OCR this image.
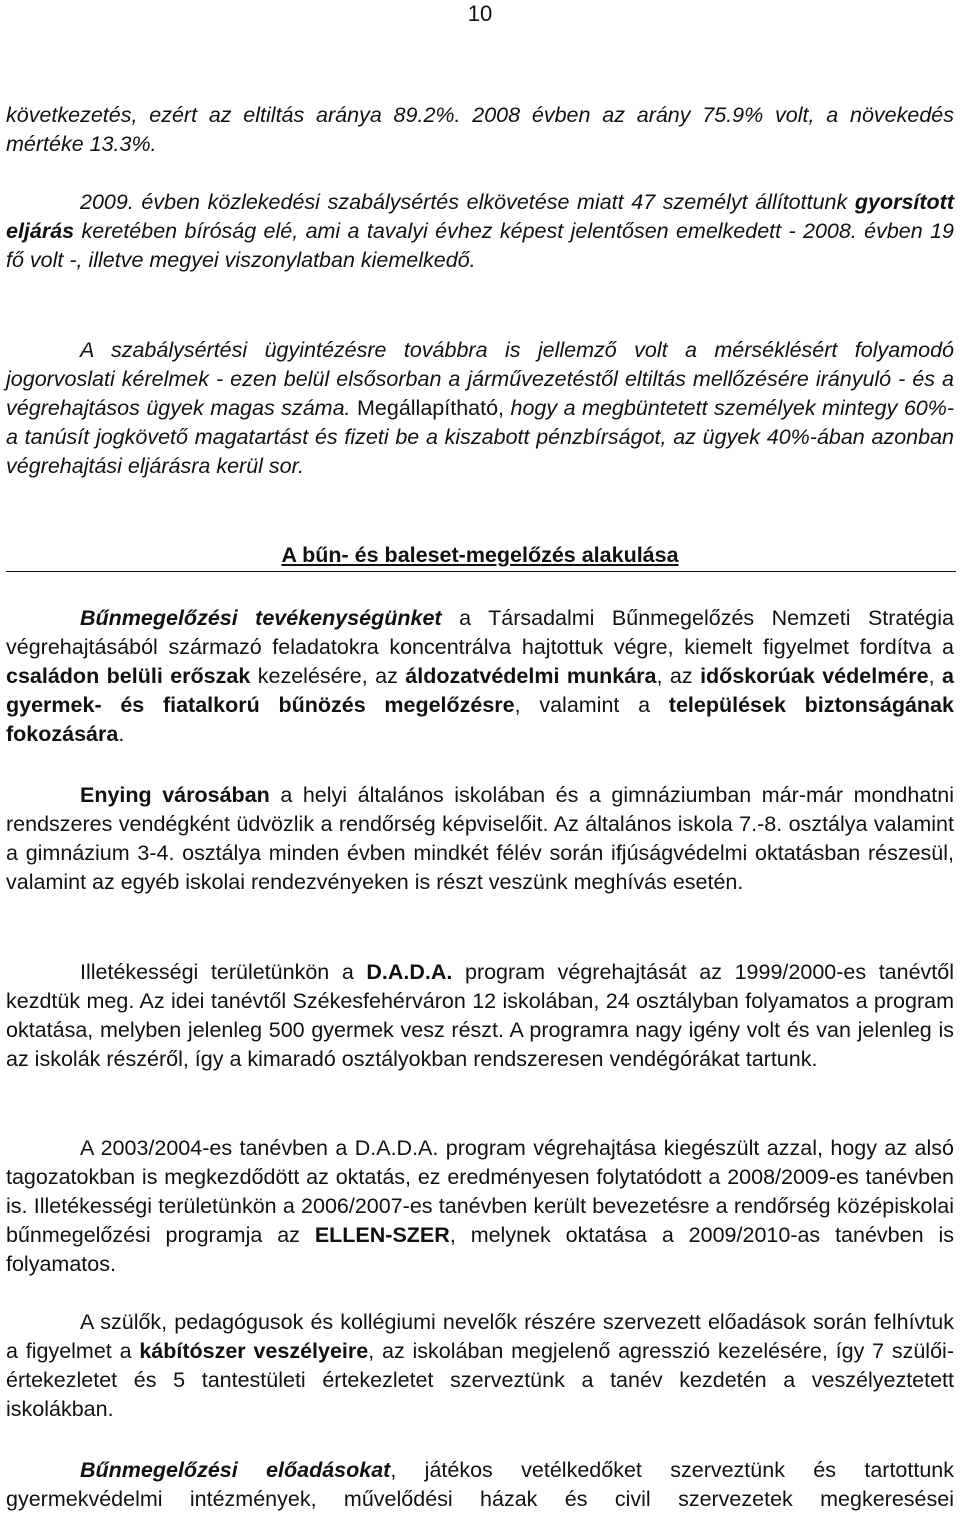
10

következetés, ezért az eltiltás aránya 89.2%. 2008 évben az arány 75.9% volt, a növekedés mértéke 13.3%.

2009. évben közlekedési szabálysértés elkövetése miatt 47 személyt állítottunk gyorsított eljárás keretében bíróság elé, ami a tavalyi évhez képest jelentősen emelkedett - 2008. évben 19 fő volt -, illetve megyei viszonylatban kiemelkedő.

A szabálysértési ügyintézésre továbbra is jellemző volt a mérséklésért folyamodó jogorvoslati kérelmek - ezen belül elsősorban a járművezetéstől eltiltás mellőzésére irányuló - és a végrehajtásos ügyek magas száma. Megállapítható, hogy a megbüntetett személyek mintegy 60%-a tanúsít jogkövető magatartást és fizeti be a kiszabott pénzbírságot, az ügyek 40%-ában azonban végrehajtási eljárásra kerül sor.

A bűn- és baleset-megelőzés alakulása

Bűnmegelőzési tevékenységünket a Társadalmi Bűnmegelőzés Nemzeti Stratégia végrehajtásából származó feladatokra koncentrálva hajtottuk végre, kiemelt figyelmet fordítva a családon belüli erőszak kezelésére, az áldozatvédelmi munkára, az időskorúak védelmére, a gyermek- és fiatalkorú bűnözés megelőzésre, valamint a települések biztonságának fokozására.

Enying városában a helyi általános iskolában és a gimnáziumban már-már mondhatni rendszeres vendégként üdvözlik a rendőrség képviselőit. Az általános iskola 7.-8. osztálya valamint a gimnázium 3-4. osztálya minden évben mindkét félév során ifjúságvédelmi oktatásban részesül, valamint az egyéb iskolai rendezvényeken is részt veszünk meghívás esetén.

Illetékességi területünkön a D.A.D.A. program végrehajtását az 1999/2000-es tanévtől kezdtük meg. Az idei tanévtől Székesfehérváron 12 iskolában, 24 osztályban folyamatos a program oktatása, melyben jelenleg 500 gyermek vesz részt. A programra nagy igény volt és van jelenleg is az iskolák részéről, így a kimaradó osztályokban rendszeresen vendégórákat tartunk.

A 2003/2004-es tanévben a D.A.D.A. program végrehajtása kiegészült azzal, hogy az alsó tagozatokban is megkezdődött az oktatás, ez eredményesen folytatódott a 2008/2009-es tanévben is. Illetékességi területünkön a 2006/2007-es tanévben került bevezetésre a rendőrség középiskolai bűnmegelőzési programja az ELLEN-SZER, melynek oktatása a 2009/2010-as tanévben is folyamatos.

A szülők, pedagógusok és kollégiumi nevelők részére szervezett előadások során felhívtuk a figyelmet a kábítószer veszélyeire, az iskolában megjelenő agresszió kezelésére, így 7 szülői-értekezletet és 5 tantestületi értekezletet szerveztünk a tanév kezdetén a veszélyeztetett iskolákban.

Bűnmegelőzési előadásokat, játékos vetélkedőket szerveztünk és tartottunk gyermekvédelmi intézmények, művelődési házak és civil szervezetek megkeresései
